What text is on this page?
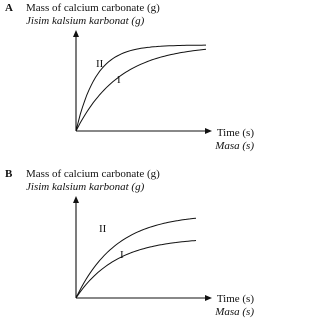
A Mass of calcium carbonate (g)
Jisim kalsium karbonat (g)
II
I
Time (s)
Masa (s)
B Mass of calcium carbonate (g)
Jisim kalsium karbonat (g)
II
I
Time (s)
Masa (s)
